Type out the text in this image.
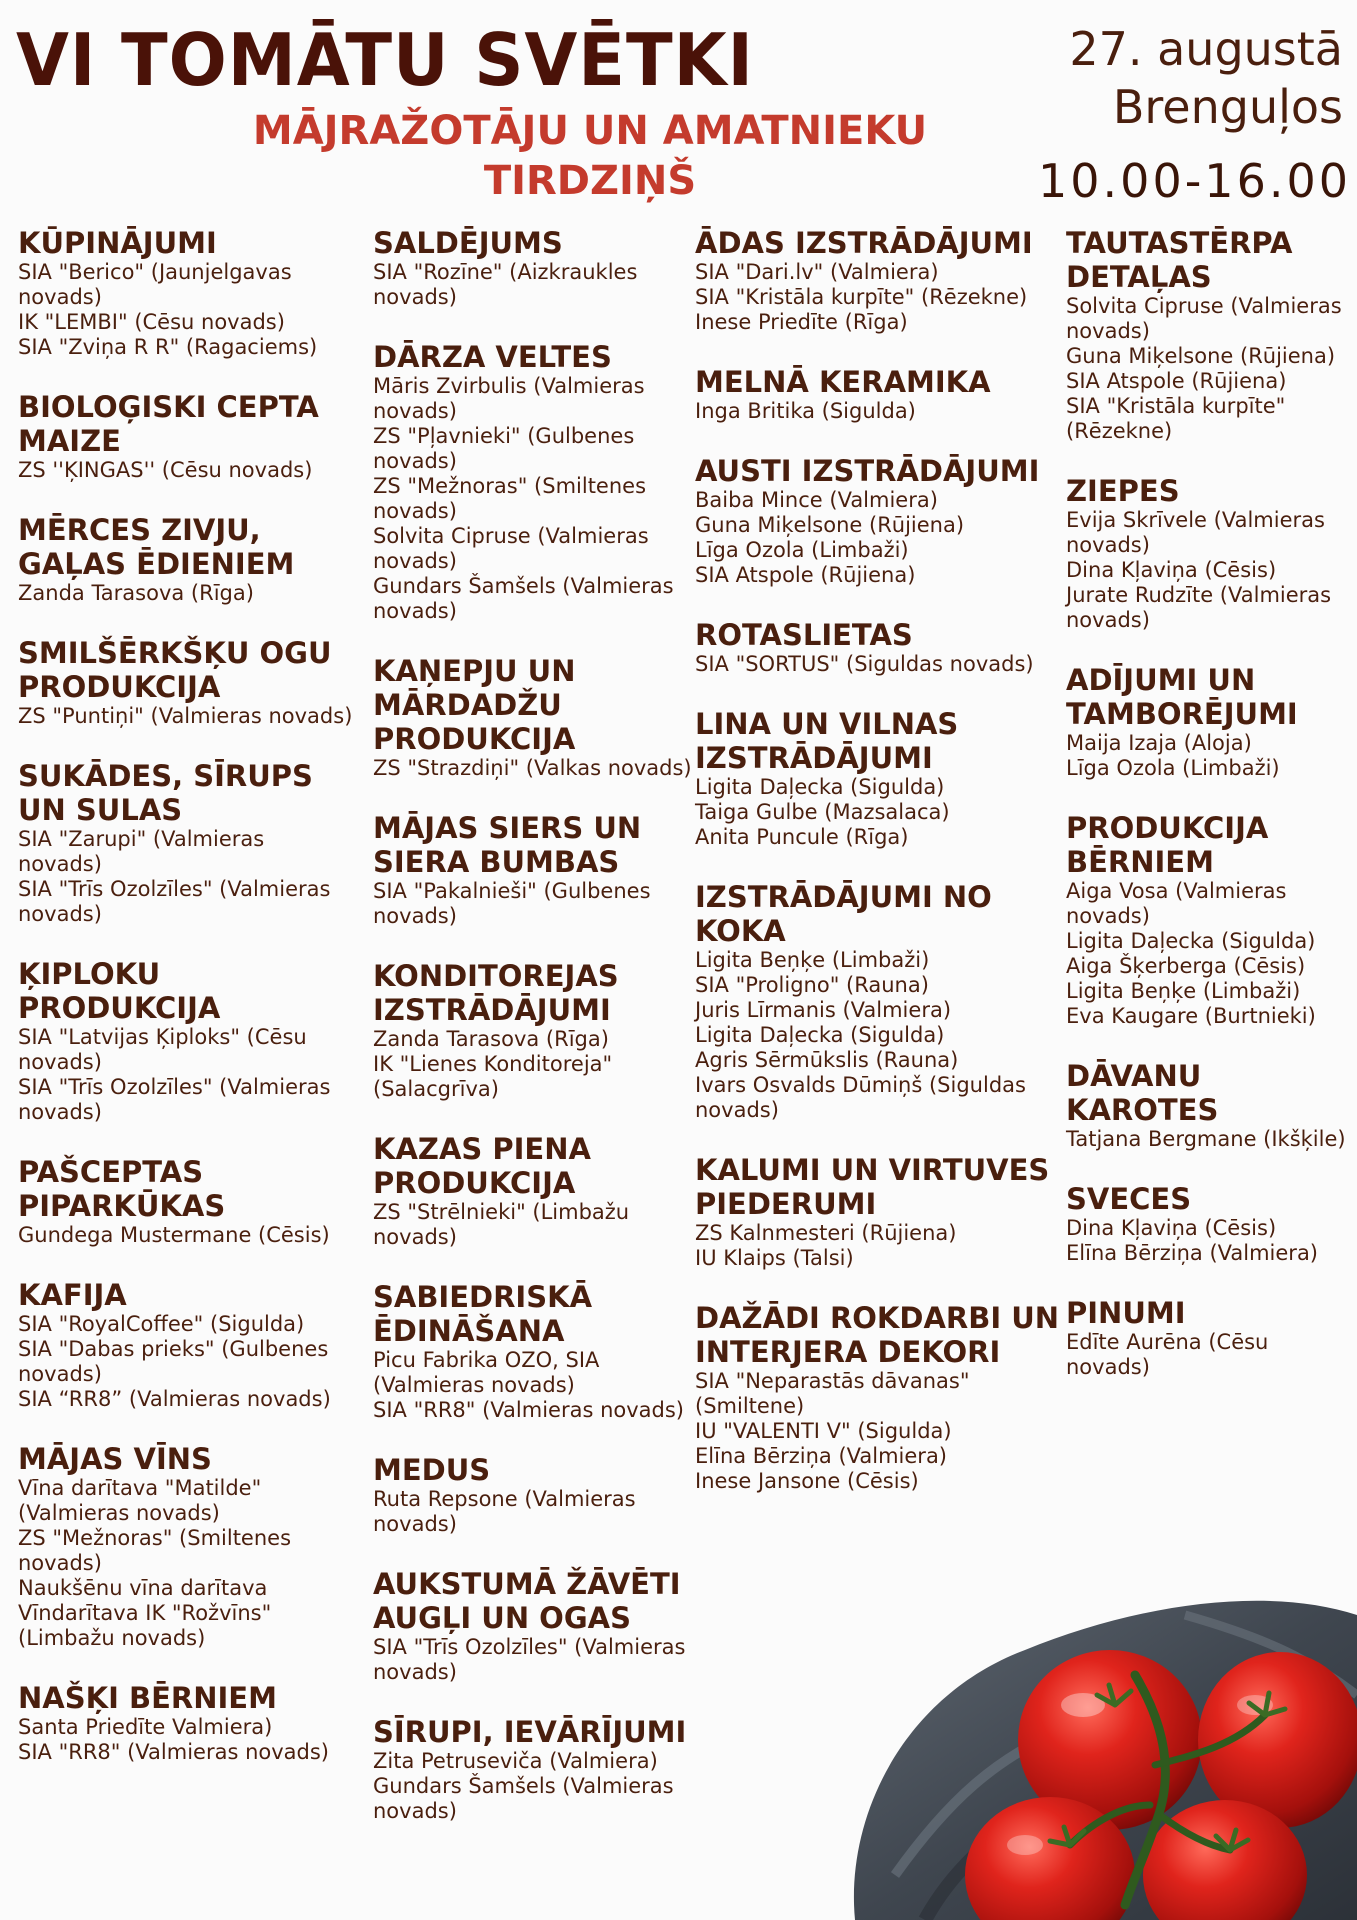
VI TOMĀTU SVĒTKI
MĀJRAŽOTĀJU UN AMATNIEKU TIRDZIŅŠ
27. augustā
Brenguļos
10.00-16.00
KŪPINĀJUMI
SIA "Berico" (Jaunjelgavas novads)
IK "LEMBI" (Cēsu novads)
SIA "Zviņa R R" (Ragaciems)
BIOLOĢISKI CEPTA MAIZE
ZS ''ĶINGAS'' (Cēsu novads)
MĒRCES ZIVJU, GAĻAS ĒDIENIEM
Zanda Tarasova (Rīga)
SMILŠĒRKŠĶU OGU PRODUKCIJA
ZS "Puntiņi" (Valmieras novads)
SUKĀDES, SĪRUPS UN SULAS
SIA "Zarupi" (Valmieras novads)
SIA "Trīs Ozolzīles" (Valmieras novads)
ĶIPLOKU PRODUKCIJA
SIA "Latvijas Ķiploks" (Cēsu novads)
SIA "Trīs Ozolzīles" (Valmieras novads)
PAŠCEPTAS PIPARKŪKAS
Gundega Mustermane (Cēsis)
KAFIJA
SIA "RoyalCoffee" (Sigulda)
SIA "Dabas prieks" (Gulbenes novads)
SIA “RR8” (Valmieras novads)
MĀJAS VĪNS
Vīna darītava "Matilde" (Valmieras novads)
ZS "Mežnoras" (Smiltenes novads)
Naukšēnu vīna darītava
Vīndarītava IK "Rožvīns" (Limbažu novads)
NAŠĶI BĒRNIEM
Santa Priedīte Valmiera)
SIA "RR8" (Valmieras novads)
SALDĒJUMS
SIA "Rozīne" (Aizkraukles novads)
DĀRZA VELTES
Māris Zvirbulis (Valmieras novads)
ZS "Pļavnieki" (Gulbenes novads)
ZS "Mežnoras" (Smiltenes novads)
Solvita Cipruse (Valmieras novads)
Gundars Šamšels (Valmieras novads)
KAŅEPJU UN MĀRDADŽU PRODUKCIJA
ZS "Strazdiņi" (Valkas novads)
MĀJAS SIERS UN SIERA BUMBAS
SIA "Pakalnieši" (Gulbenes novads)
KONDITOREJAS IZSTRĀDĀJUMI
Zanda Tarasova (Rīga)
IK "Lienes Konditoreja" (Salacgrīva)
KAZAS PIENA PRODUKCIJA
ZS "Strēlnieki" (Limbažu novads)
SABIEDRISKĀ ĒDINĀŠANA
Picu Fabrika OZO, SIA (Valmieras novads)
SIA "RR8" (Valmieras novads)
MEDUS
Ruta Repsone (Valmieras novads)
AUKSTUMĀ ŽĀVĒTI AUGĻI UN OGAS
SIA "Trīs Ozolzīles" (Valmieras novads)
SĪRUPI, IEVĀRĪJUMI
Zita Petruseviča (Valmiera)
Gundars Šamšels (Valmieras novads)
ĀDAS IZSTRĀDĀJUMI
SIA "Dari.lv" (Valmiera)
SIA "Kristāla kurpīte" (Rēzekne)
Inese Priedīte (Rīga)
MELNĀ KERAMIKA
Inga Britika (Sigulda)
AUSTI IZSTRĀDĀJUMI
Baiba Mince (Valmiera)
Guna Miķelsone (Rūjiena)
Līga Ozola (Limbaži)
SIA Atspole (Rūjiena)
ROTASLIETAS
SIA "SORTUS" (Siguldas novads)
LINA UN VILNAS IZSTRĀDĀJUMI
Ligita Daļecka (Sigulda)
Taiga Gulbe (Mazsalaca)
Anita Puncule (Rīga)
IZSTRĀDĀJUMI NO KOKA
Ligita Beņķe (Limbaži)
SIA "Proligno" (Rauna)
Juris Līrmanis (Valmiera)
Ligita Daļecka (Sigulda)
Agris Sērmūkslis (Rauna)
Ivars Osvalds Dūmiņš (Siguldas novads)
KALUMI UN VIRTUVES PIEDERUMI
ZS Kalnmesteri (Rūjiena)
IU Klaips (Talsi)
DAŽĀDI ROKDARBI UN INTERJERA DEKORI
SIA "Neparastās dāvanas" (Smiltene)
IU "VALENTI V" (Sigulda)
Elīna Bērziņa (Valmiera)
Inese Jansone (Cēsis)
TAUTASTĒRPA DETAĻAS
Solvita Cipruse (Valmieras novads)
Guna Miķelsone (Rūjiena)
SIA Atspole (Rūjiena)
SIA "Kristāla kurpīte" (Rēzekne)
ZIEPES
Evija Skrīvele (Valmieras novads)
Dina Kļaviņa (Cēsis)
Jurate Rudzīte (Valmieras novads)
ADĪJUMI UN TAMBORĒJUMI
Maija Izaja (Aloja)
Līga Ozola (Limbaži)
PRODUKCIJA BĒRNIEM
Aiga Vosa (Valmieras novads)
Ligita Daļecka (Sigulda)
Aiga Šķerberga (Cēsis)
Ligita Beņķe (Limbaži)
Eva Kaugare (Burtnieki)
DĀVANU KAROTES
Tatjana Bergmane (Ikšķile)
SVECES
Dina Kļaviņa (Cēsis)
Elīna Bērziņa (Valmiera)
PINUMI
Edīte Aurēna (Cēsu novads)
